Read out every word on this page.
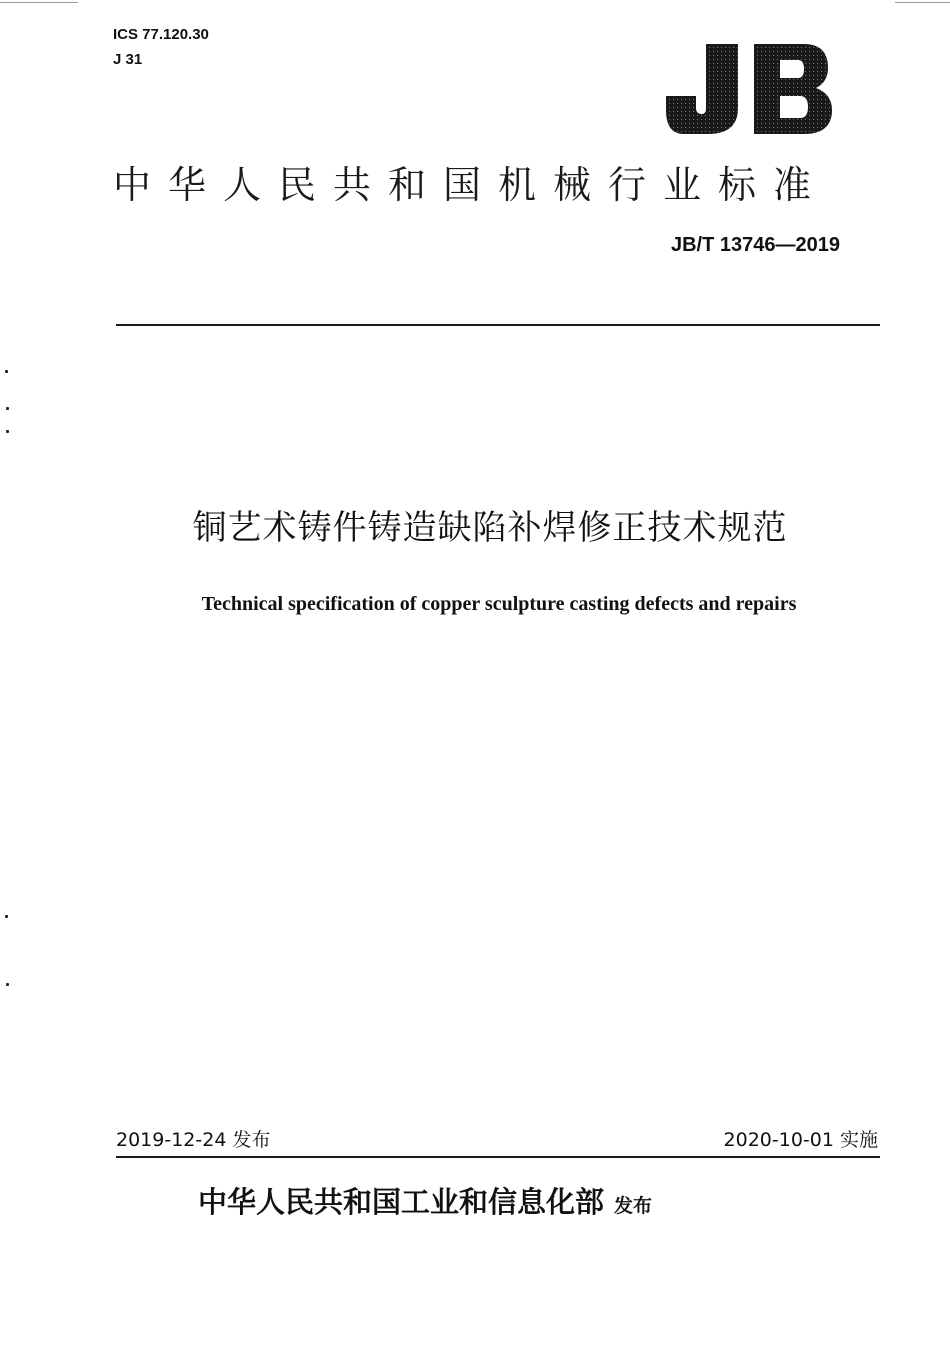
ICS 77.120.30
J 31
中华人民共和国机械行业标准
JB/T 13746—2019
铜艺术铸件铸造缺陷补焊修正技术规范
Technical specification of copper sculpture casting defects and repairs
2019-12-24 发布	2020-10-01 实施
中华人民共和国工业和信息化部 发布
